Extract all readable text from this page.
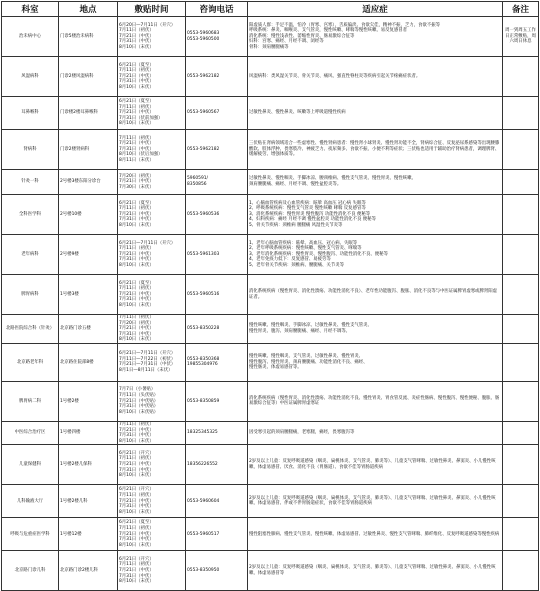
科室	地点	敷贴时间	咨询电话	适应症	备注
治未病中心	门诊5楼治未病科	6月20日—7月11日（开穴）
7月11日（初伏）
7月21日（中伏）
7月31日（中伏）
8月10日（末伏）	0553-5960683
0553-5960500	阳虚质人群：手足不温，怕冷（胃寒、宫寒），舌质偏淡、食欲欠佳，精神不振，乏力，食欲不振等
呼吸系统：鼻炎、咽喉炎、支气管炎，慢性咳嗽、哮喘等慢性咳嗽、易反复感冒者
消化系统：慢性浅表性、萎缩性胃炎、肠易激综合征等
妇科：宫寒、痛经、月经不调、闭经等
骨科：颈肩腰腿痛等	周一到周五工作日正常敷贴，周六周日休息
风湿病科	门诊2楼风湿病科	6月21日（夏至）
7月11日（初伏）
7月21日（中伏）
7月31日（中伏）
8月10日（末伏）	0553-5962182	风湿病科：类风湿关节炎、骨关节炎、痛风、强直性脊柱炎等疾病引起关节疼痛症状者。	

耳鼻喉科	门诊楼2楼耳鼻喉科	6月21日（夏至）
7月11日（初伏）
7月21日（中伏）
7月31日（伏前加强）
8月10日（末伏）	0553-5960567	过敏性鼻炎、慢性鼻炎、咳嗽等上呼吸道慢性疾病	

肾病科	门诊2楼肾病科	7月11日（初伏）
7月21日（中伏）
7月31日（中伏）
8月10日（伏后加强）
8月11日（末伏）	0553-5962182	三伏贴在肾病领域适合一些虚寒性、慢性肾病患者：慢性肾小球肾炎、慢性肾功能不全，肾病综合征、反复泌尿系感染等出现腰膝酸软、肢体浮肿、畏寒肢冷、神疲乏力、夜尿频多、食欲不振、小便不利等症状；三伏贴也适用于辅助治疗肾病患者，调理脾肾、缓解疲劳、增强体质等。	

针灸一科	2号楼3楼东阳分诊台	7月20日（初伏）
7月21日（中伏）
7月30日（末伏）	5960591/
8350856	过敏性鼻炎、慢性咽炎、手脚冰凉、腰颈椎病、慢性支气管炎、慢性胃炎、慢性咳嗽、
颈肩腰腿痛、痛经、月经不调、慢性盆腔炎等。	

全科医学科	2号楼10楼	6月21日（夏至）
7月11日（初伏）
7月21日（中伏）
7月31日（中伏）
8月10日（末伏）	0553-5960536	1、心脑血管疾病及心血管疾病：眩晕 高血压 冠心病 失眠等
2、呼吸系统疾病：慢性支气管炎 慢性咳嗽 哮喘 反复感冒等
3、消化系统疾病：慢性胃炎 慢性腹泻 功能性消化不良 便秘等
4、妇科疾病：痛经 月经不调 慢性盆腔炎 功能性消化不良 便秘等
5、骨关节疾病：颈椎病 腰腿痛 风湿性关节炎等	

老年病科	2号楼9楼	6月21日—7月11日（开穴）
7月11日（初伏）
7月21日（中伏）
7月31日（中伏）
8月10日（末伏）	0553-5961303	1、老年心脑血管疾病：眩晕、高血压、冠心病、失眠等
2、老年呼吸系统疾病：慢性咳嗽、慢性支气管炎、哮喘等
3、老年消化系统疾病：慢性胃炎、慢性腹泻、功能性消化不良、便秘等
4、老年免疫力低下：反复感冒、易疲劳等
5、老年骨关节疾病：颈椎病、腰腿痛、关节炎等	

脾胃病科	1号楼3楼	6月21日（夏至）
7月11日（初伏）
7月21日（中伏）
7月31日（中伏）
8月10日（末伏）	0553-5960516	消化系统疾病（慢性胃炎、消化性溃疡、功能性消化不良）、老年性功能腹泻、腹胀、消化不良等与中医证属脾胃虚寒或脾肾阳虚证者。	

北路医院综合科（针灸）	北京路门诊五楼	7月11日（初伏）
7月20日（初伏）
7月21日（中伏）
7月31日（中伏）
8月10日（末伏）	0553-8350228	慢性咳嗽、慢性咽炎、手脚冰凉、过敏性鼻炎、慢性支气管炎、
慢性胃炎、腹泻、颈肩腰腿痛、痛经、月经不调等。	

北京路老年科	北京路住院部8楼	6月21日—7月11日（开穴）
7月11日—7月22日（初伏）
7月21日—7月31日（中伏）
8月1日—8月11日（末伏）	0553-8350368
19855304976	慢性咳嗽、慢性咽炎、支气管炎、过敏性鼻炎、慢性胃炎、
慢性腹泻、慢性胃炎、颈肩腰腿痛、功能性消化不良、痛经、
慢性肠炎、体虚易感冒等。	

脾胃病二科	1号楼2楼	7月7日（小暑贴）
7月11日（头伏贴）
7月21日（中伏贴）
7月31日（中伏贴）
8月10日（末伏贴）	0553-8350859	消化系统疾病（慢性胃炎、消化性溃疡、功能性消化不良、慢性胃炎、胃食管反流、炎症性肠病、慢性腹泻、慢性便秘、腹胀、肠易激综合征等）中医证属脾胃虚寒证	

中医综合治疗区	1号楼四楼	7月11日（初伏）
7月21日（中伏）
7月31日（中伏）
8月10日（末伏）	18325345325	因受寒引起的颈肩腰腿痛，老寒腿，痛经，畏寒腹泻等	

儿童保健科	1号楼2楼儿保科	6月21日（开穴）
7月11日（初伏）
7月21日（中伏）
7月31日（中伏）
8月10日（末伏）	18356226552	2岁及以上儿童：反复呼吸道感染（咽炎、扁桃体炎、支气管炎、肺炎等）、儿童支气管哮喘、过敏性鼻炎、鼻窦炎、小儿慢性咳嗽、体虚易感冒、厌食、消化不良（胃肠道）、食欲不佳等胃肠道疾病	

儿科输液大厅	1号楼2楼儿科	6月21日（开穴）
7月11日（初伏）
7月21日（中伏）
7月31日（中伏）
8月10日（末伏）	0553-5960604	2岁及以上儿童：反复呼吸道感染（咽炎、扁桃体炎、支气管炎、肺炎等）、儿童支气管哮喘、过敏性鼻炎、鼻窦炎、小儿慢性咳嗽、体虚易感冒、伴或不伴胃肠道症状，食欲不佳等胃肠道疾病	

呼吸与危重症医学科	1号楼12楼	6月21日（夏至）
7月11日（初伏）
7月21日（中伏）
7月31日（中伏）
8月10日（末伏）	0553-5960517	慢性阻塞性肺病、慢性支气管炎、慢性咳嗽、体虚易感冒、过敏性鼻炎、慢性支气管哮喘、肺纤维化、反复呼吸道感染等慢性疾病	

北京路门诊儿科	北京路门诊2楼儿科	6月21日（开穴）
7月11日（初伏）
7月21日（中伏）
7月31日（中伏）
8月10日（末伏）	0553-8350950	2岁及以上儿童：反复呼吸道感染（咽炎、扁桃体炎、支气管炎、肺炎等）、儿童支气管哮喘、过敏性鼻炎、鼻窦炎、小儿慢性咳嗽、体虚易感冒等	
